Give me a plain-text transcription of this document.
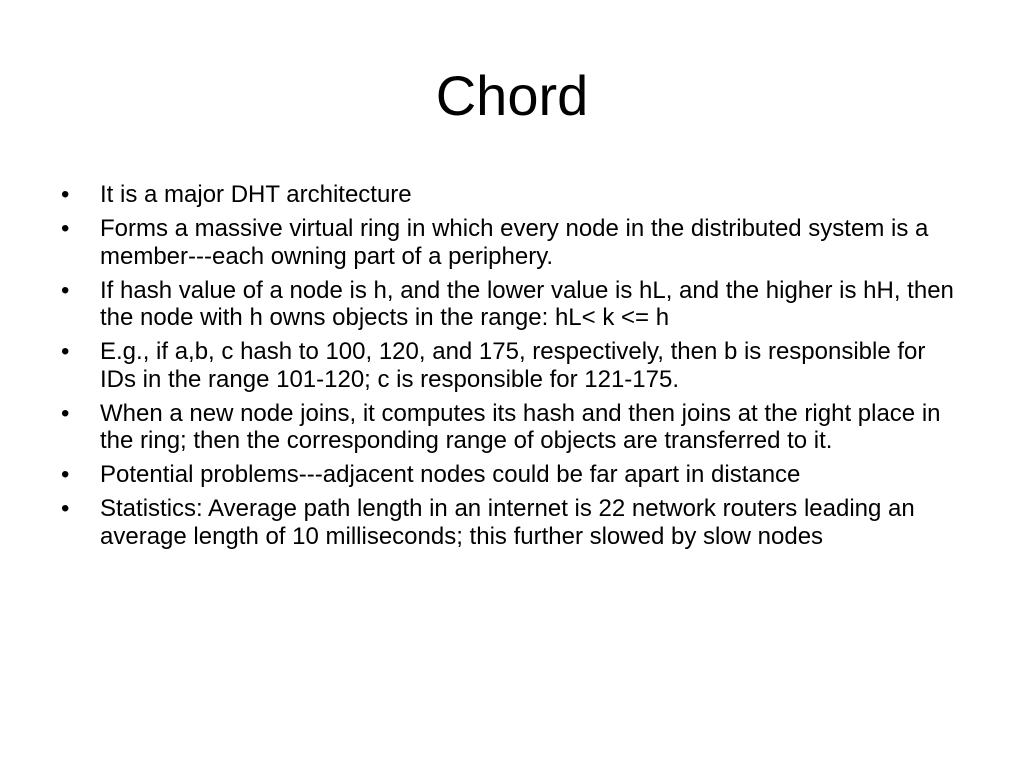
Chord
• It is a major DHT architecture
• Forms a massive virtual ring in which every node in the distributed system is a member---each owning part of a periphery.
• If hash value of a node is h, and the lower value is hL, and the higher is hH, then the node with h owns objects in the range: hL< k <= h
• E.g., if a,b, c hash to 100, 120, and 175, respectively, then b is responsible for IDs in the range 101-120; c is responsible for 121-175.
• When a new node joins, it computes its hash and then joins at the right place in the ring; then the corresponding range of objects are transferred to it.
• Potential problems---adjacent nodes could be far apart in distance
• Statistics: Average path length in an internet is 22 network routers leading an average length of 10 milliseconds; this further slowed by slow nodes
